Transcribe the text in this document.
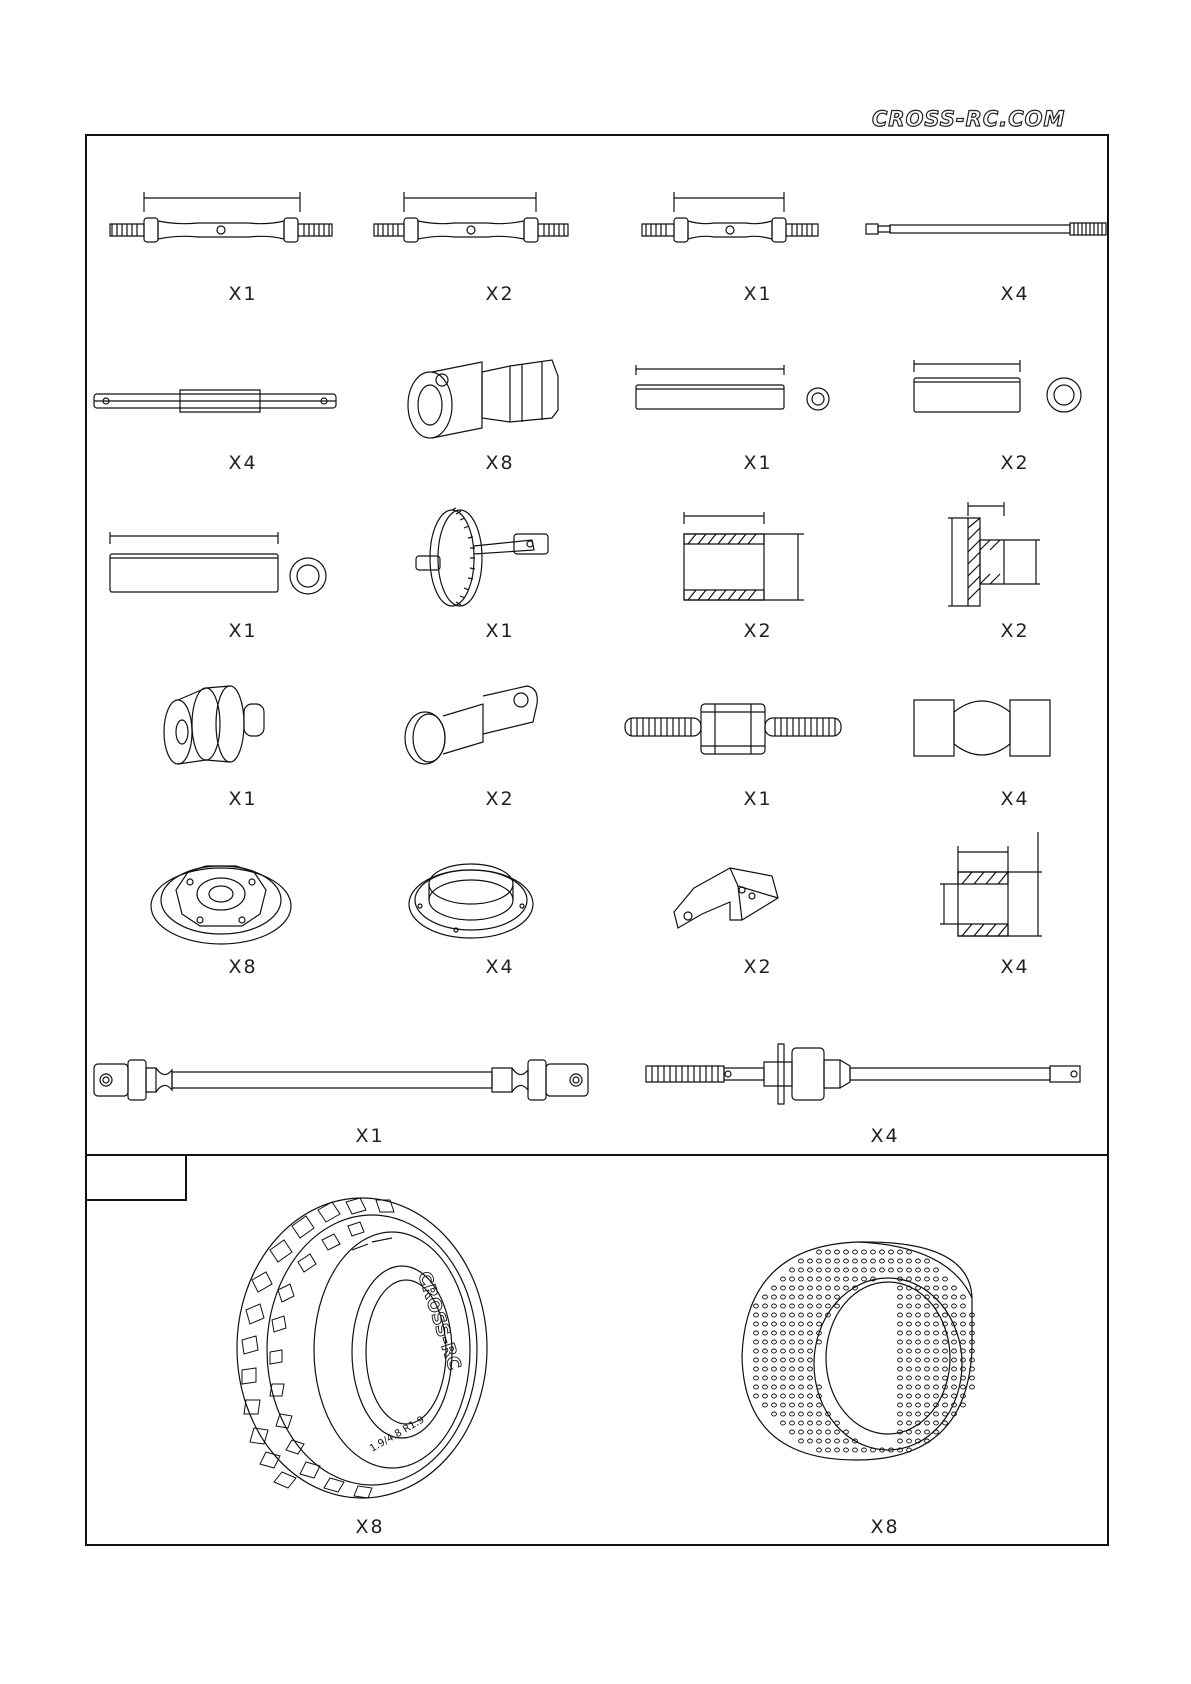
CROSS-RC.COM
X1	X2	X1	X4
X4	X8	X1	X2
X1	X1	X2	X2
X1	X2	X1	X4
X8	X4	X2	X4
X1	X4
CROSS-RC
1.9/4.8 R1.9
X8	X8
